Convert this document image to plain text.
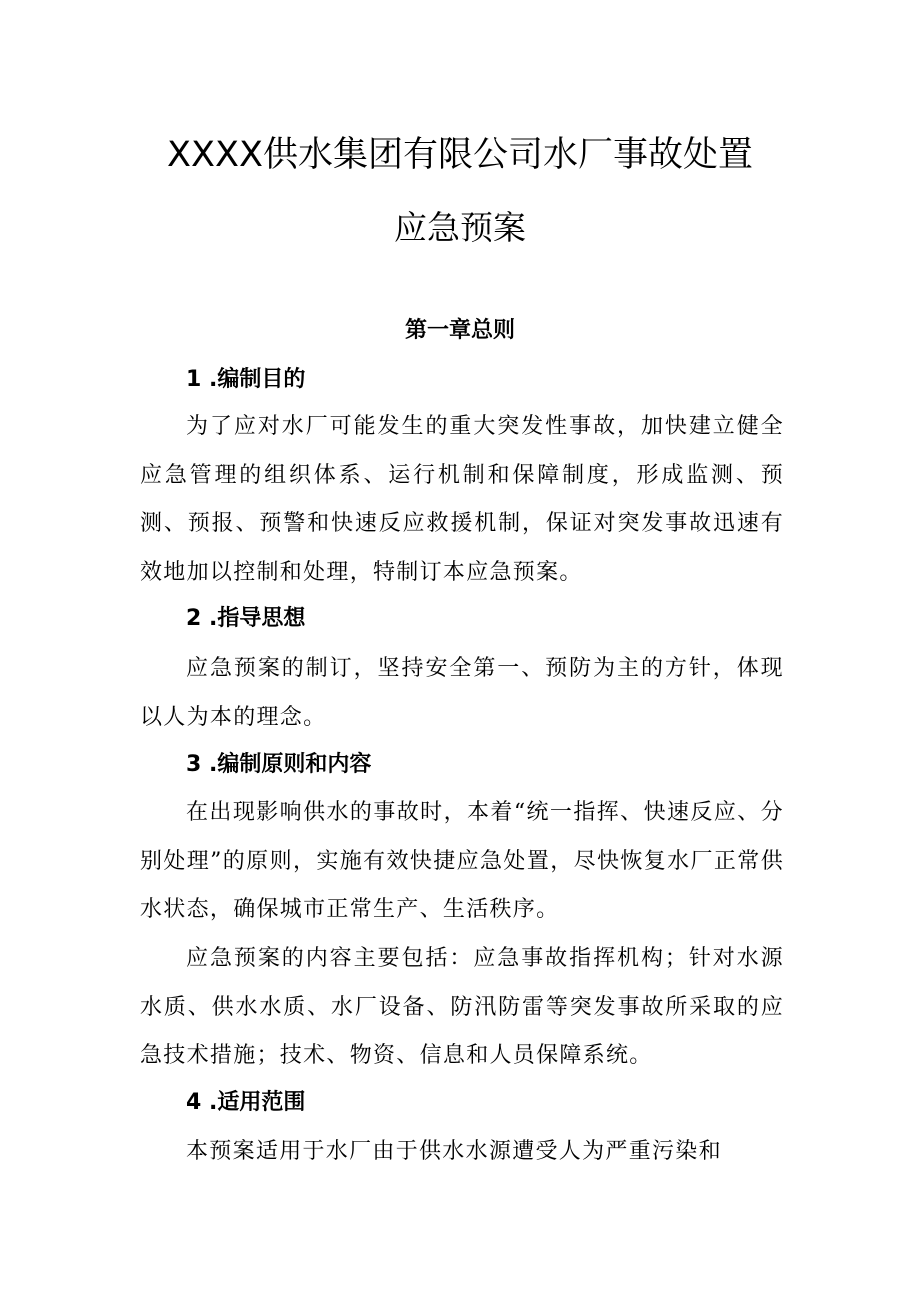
XXXX供水集团有限公司水厂事故处置
应急预案
第一章总则
1 .编制目的
为了应对水厂可能发生的重大突发性事故，加快建立健全应急管理的组织体系、运行机制和保障制度，形成监测、预测、预报、预警和快速反应救援机制，保证对突发事故迅速有效地加以控制和处理，特制订本应急预案。
2 .指导思想
应急预案的制订，坚持安全第一、预防为主的方针，体现以人为本的理念。
3 .编制原则和内容
在出现影响供水的事故时，本着“统一指挥、快速反应、分别处理”的原则，实施有效快捷应急处置，尽快恢复水厂正常供水状态，确保城市正常生产、生活秩序。
应急预案的内容主要包括：应急事故指挥机构；针对水源水质、供水水质、水厂设备、防汛防雷等突发事故所采取的应急技术措施；技术、物资、信息和人员保障系统。
4 .适用范围
本预案适用于水厂由于供水水源遭受人为严重污染和
